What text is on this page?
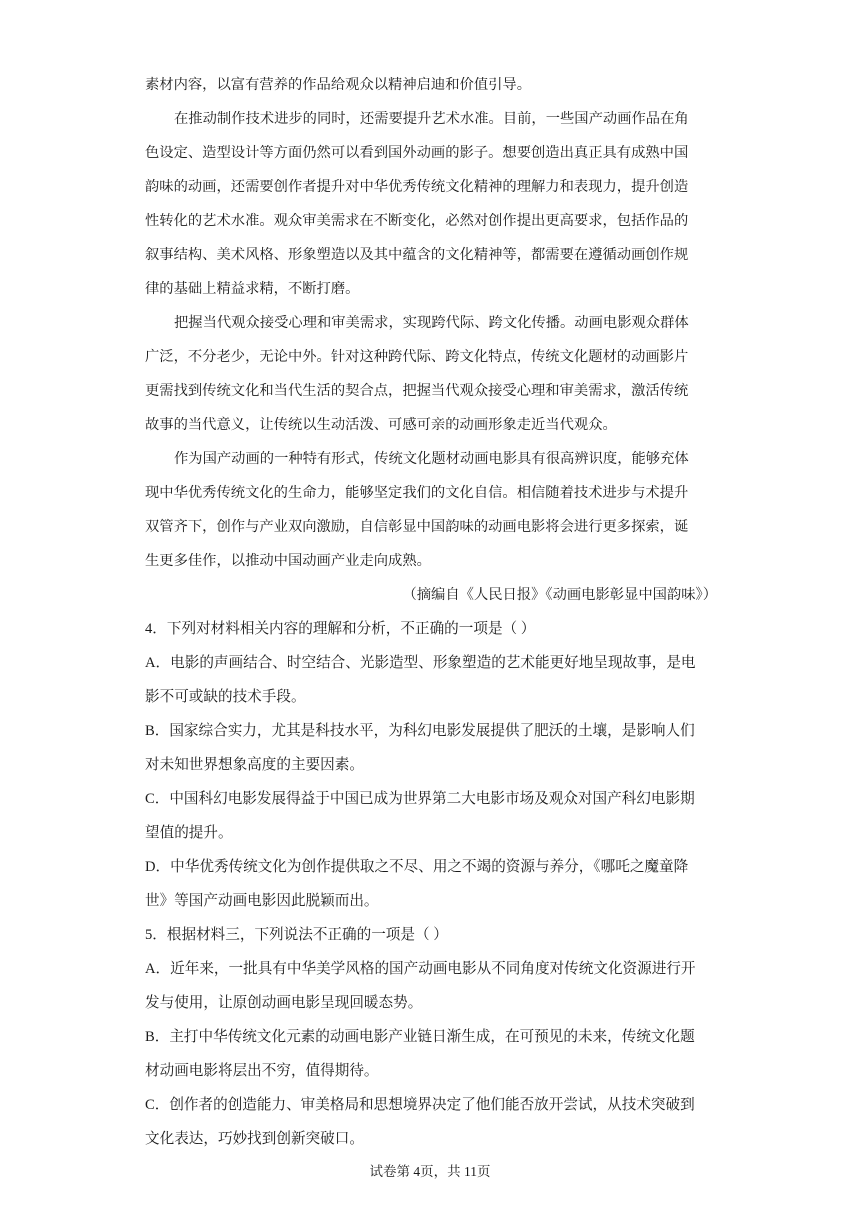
素材内容，以富有营养的作品给观众以精神启迪和价值引导。
在推动制作技术进步的同时，还需要提升艺术水准。目前，一些国产动画作品在角
色设定、造型设计等方面仍然可以看到国外动画的影子。想要创造出真正具有成熟中国
韵味的动画，还需要创作者提升对中华优秀传统文化精神的理解力和表现力，提升创造
性转化的艺术水准。观众审美需求在不断变化，必然对创作提出更高要求，包括作品的
叙事结构、美术风格、形象塑造以及其中蕴含的文化精神等，都需要在遵循动画创作规
律的基础上精益求精，不断打磨。
把握当代观众接受心理和审美需求，实现跨代际、跨文化传播。动画电影观众群体
广泛，不分老少，无论中外。针对这种跨代际、跨文化特点，传统文化题材的动画影片
更需找到传统文化和当代生活的契合点，把握当代观众接受心理和审美需求，激活传统
故事的当代意义，让传统以生动活泼、可感可亲的动画形象走近当代观众。
作为国产动画的一种特有形式，传统文化题材动画电影具有很高辨识度，能够充体
现中华优秀传统文化的生命力，能够坚定我们的文化自信。相信随着技术进步与术提升
双管齐下，创作与产业双向激励，自信彰显中国韵味的动画电影将会进行更多探索，诞
生更多佳作，以推动中国动画产业走向成熟。
（摘编自《人民日报》《动画电影彰显中国韵味》）
4．下列对材料相关内容的理解和分析，不正确的一项是（ ）
A．电影的声画结合、时空结合、光影造型、形象塑造的艺术能更好地呈现故事，是电
影不可或缺的技术手段。
B．国家综合实力，尤其是科技水平，为科幻电影发展提供了肥沃的土壤，是影响人们
对未知世界想象高度的主要因素。
C．中国科幻电影发展得益于中国已成为世界第二大电影市场及观众对国产科幻电影期
望值的提升。
D．中华优秀传统文化为创作提供取之不尽、用之不竭的资源与养分，《哪吒之魔童降
世》等国产动画电影因此脱颖而出。
5．根据材料三，下列说法不正确的一项是（ ）
A．近年来，一批具有中华美学风格的国产动画电影从不同角度对传统文化资源进行开
发与使用，让原创动画电影呈现回暖态势。
B．主打中华传统文化元素的动画电影产业链日渐生成，在可预见的未来，传统文化题
材动画电影将层出不穷，值得期待。
C．创作者的创造能力、审美格局和思想境界决定了他们能否放开尝试，从技术突破到
文化表达，巧妙找到创新突破口。
试卷第 4页，共 11页
